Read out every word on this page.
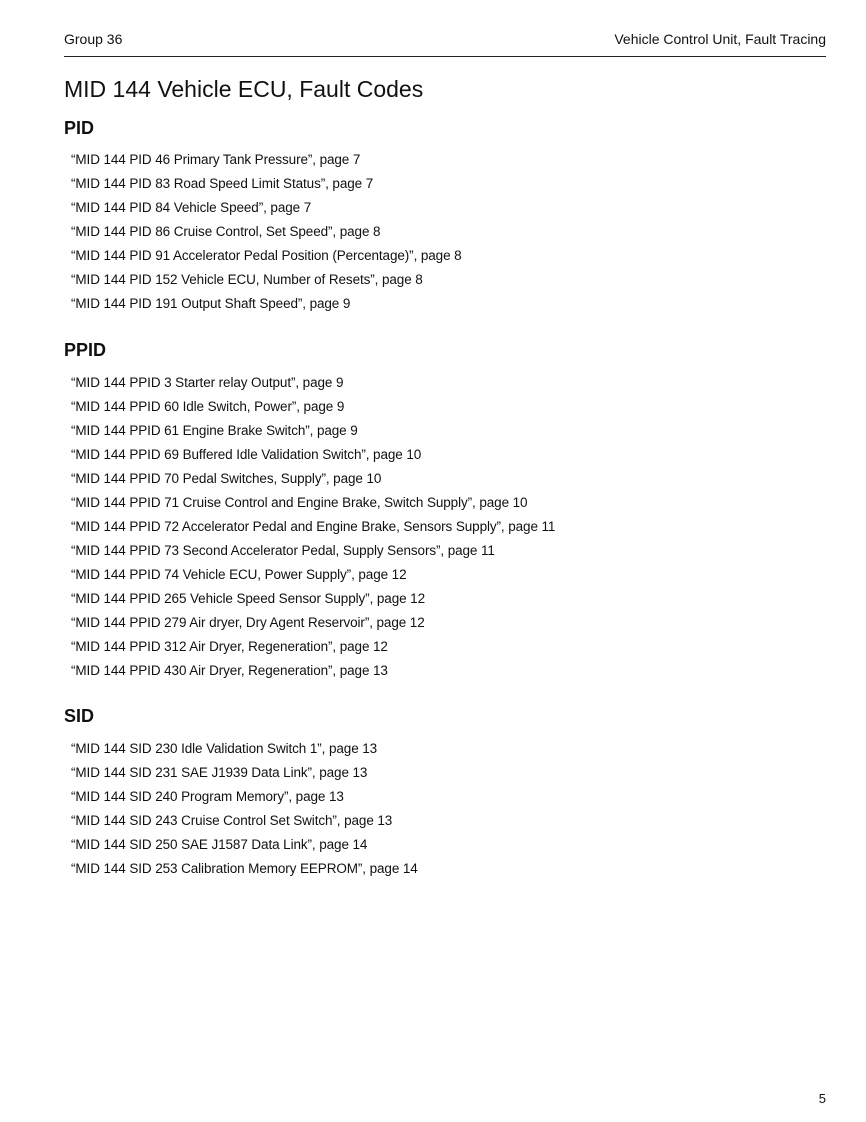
Group 36	Vehicle Control Unit, Fault Tracing
MID 144 Vehicle ECU, Fault Codes
PID
“MID 144 PID 46 Primary Tank Pressure”, page 7
“MID 144 PID 83 Road Speed Limit Status”, page 7
“MID 144 PID 84 Vehicle Speed”, page 7
“MID 144 PID 86 Cruise Control, Set Speed”, page 8
“MID 144 PID 91 Accelerator Pedal Position (Percentage)”, page 8
“MID 144 PID 152 Vehicle ECU, Number of Resets”, page 8
“MID 144 PID 191 Output Shaft Speed”, page 9
PPID
“MID 144 PPID 3 Starter relay Output”, page 9
“MID 144 PPID 60 Idle Switch, Power”, page 9
“MID 144 PPID 61 Engine Brake Switch”, page 9
“MID 144 PPID 69 Buffered Idle Validation Switch”, page 10
“MID 144 PPID 70 Pedal Switches, Supply”, page 10
“MID 144 PPID 71 Cruise Control and Engine Brake, Switch Supply”, page 10
“MID 144 PPID 72 Accelerator Pedal and Engine Brake, Sensors Supply”, page 11
“MID 144 PPID 73 Second Accelerator Pedal, Supply Sensors”, page 11
“MID 144 PPID 74 Vehicle ECU, Power Supply”, page 12
“MID 144 PPID 265 Vehicle Speed Sensor Supply”, page 12
“MID 144 PPID 279 Air dryer, Dry Agent Reservoir”, page 12
“MID 144 PPID 312 Air Dryer, Regeneration”, page 12
“MID 144 PPID 430 Air Dryer, Regeneration”, page 13
SID
“MID 144 SID 230 Idle Validation Switch 1”, page 13
“MID 144 SID 231 SAE J1939 Data Link”, page 13
“MID 144 SID 240 Program Memory”, page 13
“MID 144 SID 243 Cruise Control Set Switch”, page 13
“MID 144 SID 250 SAE J1587 Data Link”, page 14
“MID 144 SID 253 Calibration Memory EEPROM”, page 14
5
